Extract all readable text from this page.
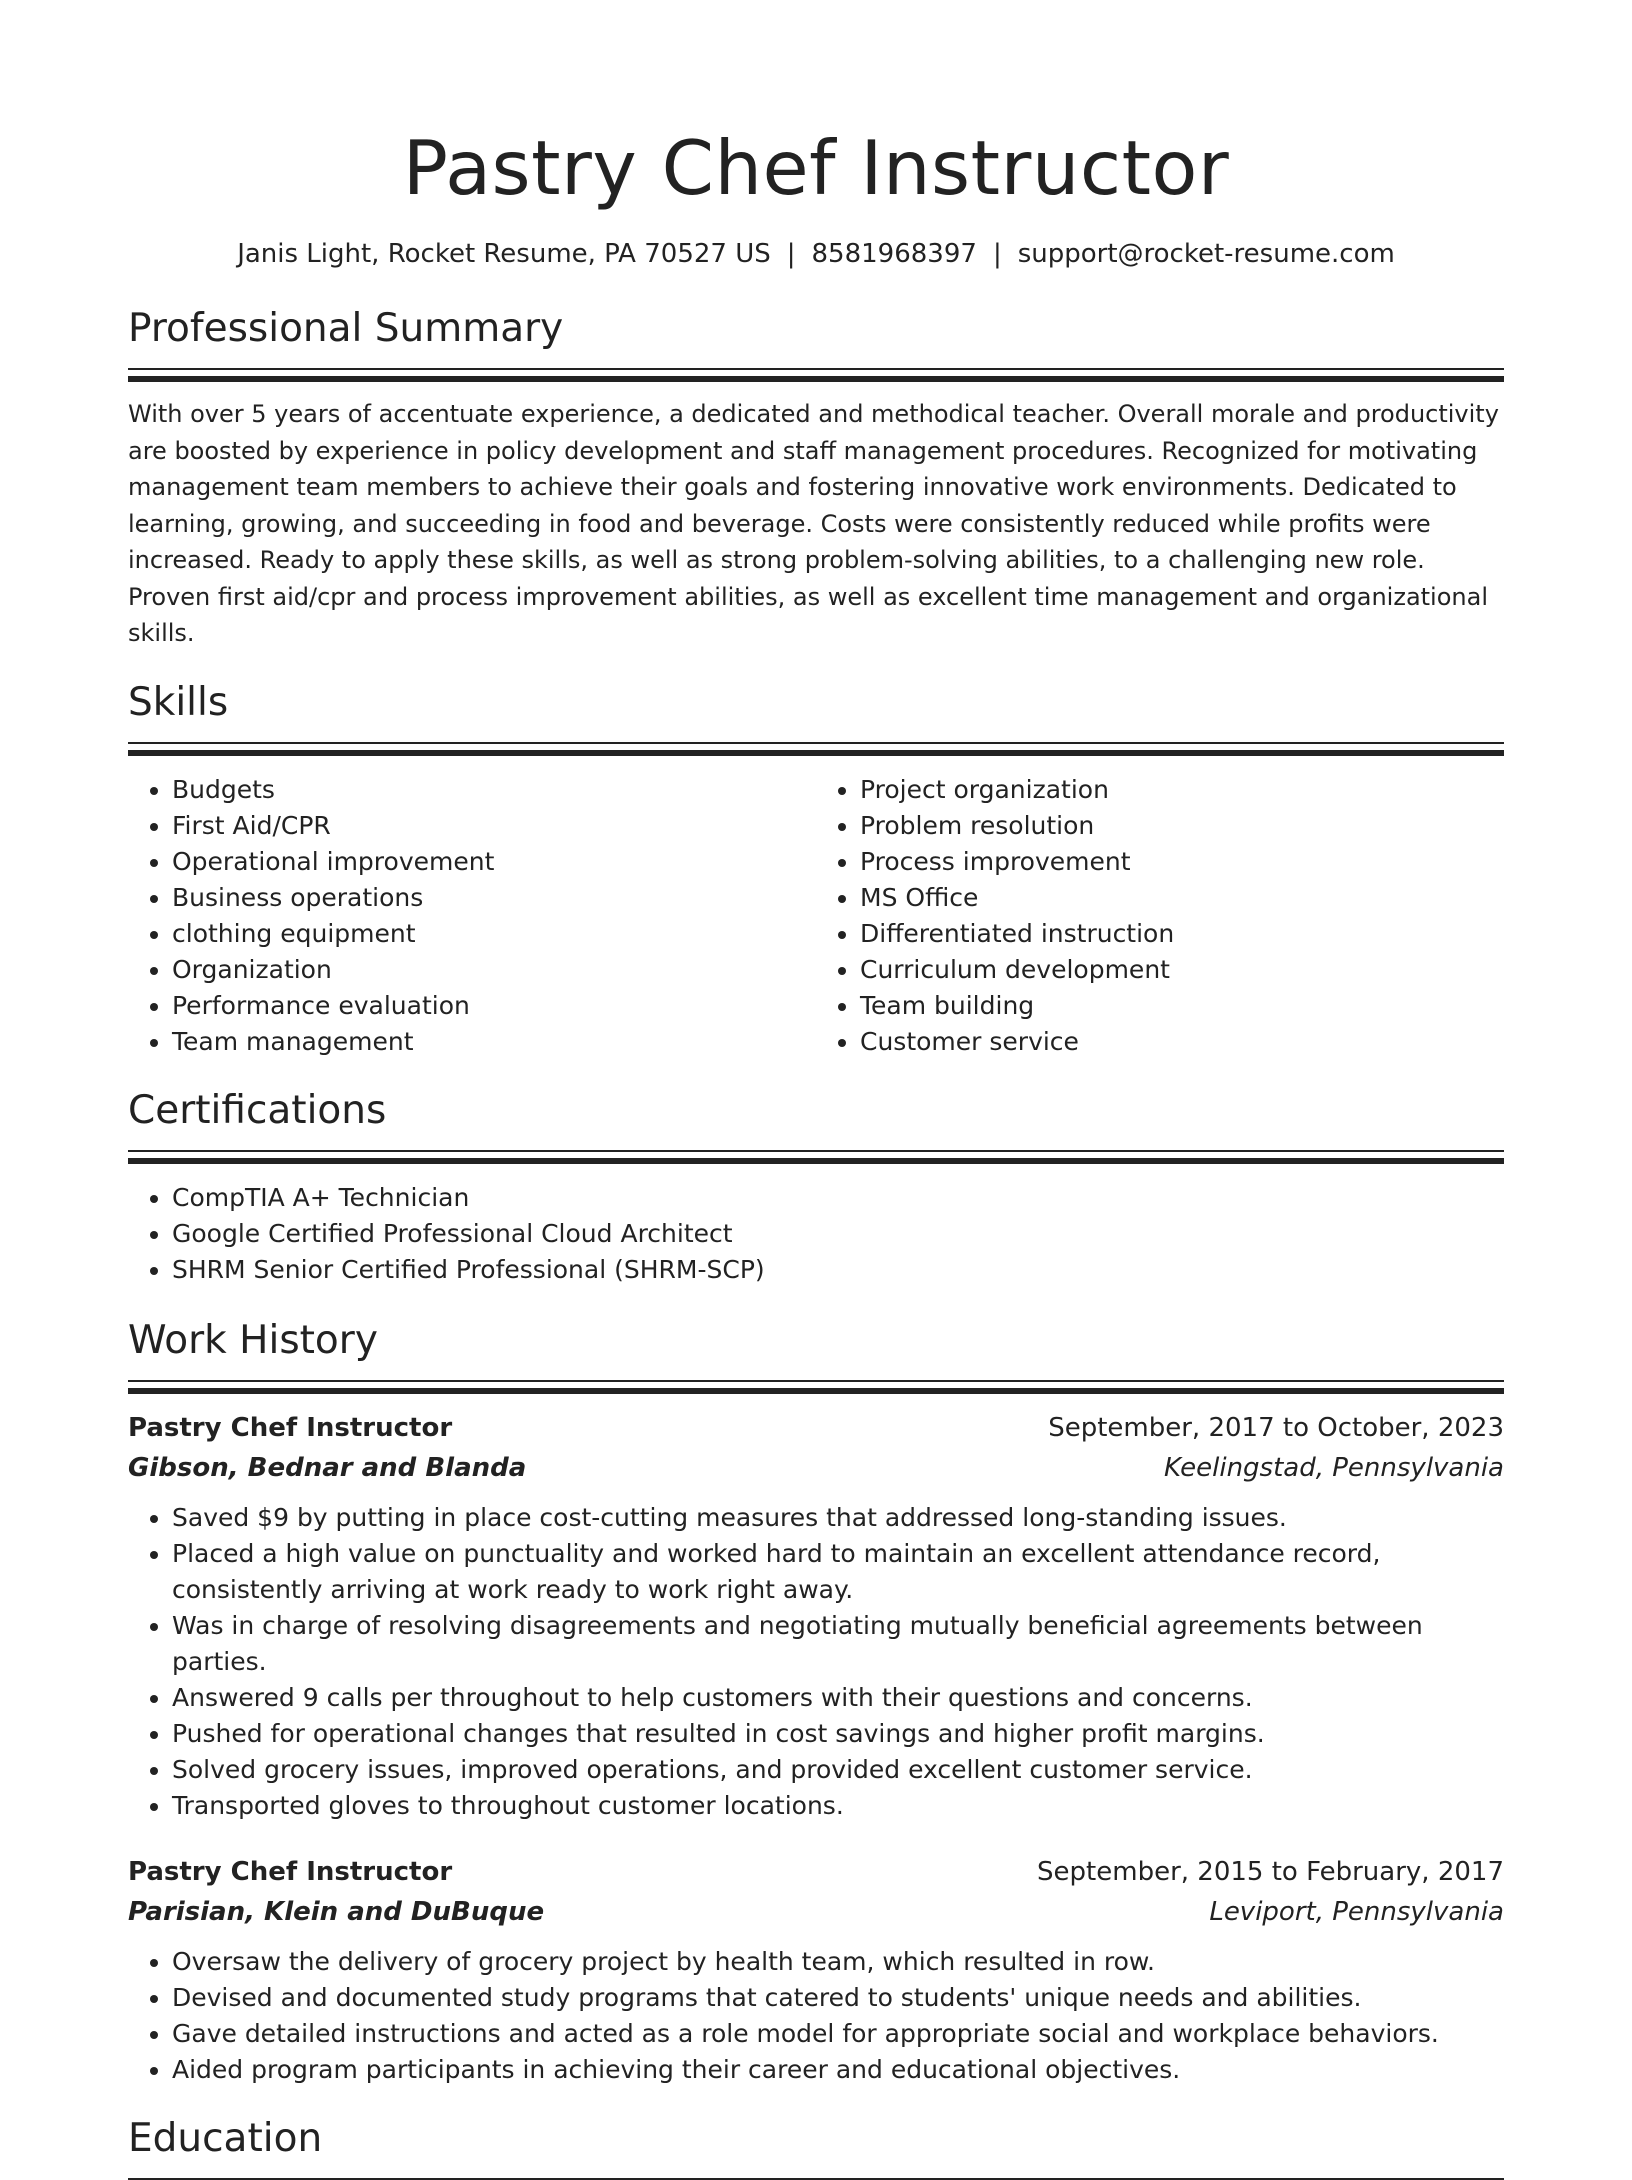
Pastry Chef Instructor
Janis Light, Rocket Resume, PA 70527 US | 8581968397 | support@rocket-resume.com
Professional Summary

With over 5 years of accentuate experience, a dedicated and methodical teacher. Overall morale and productivity are boosted by experience in policy development and staff management procedures. Recognized for motivating management team members to achieve their goals and fostering innovative work environments. Dedicated to learning, growing, and succeeding in food and beverage. Costs were consistently reduced while profits were increased. Ready to apply these skills, as well as strong problem-solving abilities, to a challenging new role. Proven first aid/cpr and process improvement abilities, as well as excellent time management and organizational skills.

Skills
• Budgets
• First Aid/CPR
• Operational improvement
• Business operations
• clothing equipment
• Organization
• Performance evaluation
• Team management
• Project organization
• Problem resolution
• Process improvement
• MS Office
• Differentiated instruction
• Curriculum development
• Team building
• Customer service
Certifications
• CompTIA A+ Technician
• Google Certified Professional Cloud Architect
• SHRM Senior Certified Professional (SHRM-SCP)
Work History
Pastry Chef Instructor	September, 2017 to October, 2023
Gibson, Bednar and Blanda	Keelingstad, Pennsylvania
• Saved $9 by putting in place cost-cutting measures that addressed long-standing issues.
• Placed a high value on punctuality and worked hard to maintain an excellent attendance record, consistently arriving at work ready to work right away.
• Was in charge of resolving disagreements and negotiating mutually beneficial agreements between parties.
• Answered 9 calls per throughout to help customers with their questions and concerns.
• Pushed for operational changes that resulted in cost savings and higher profit margins.
• Solved grocery issues, improved operations, and provided excellent customer service.
• Transported gloves to throughout customer locations.
Pastry Chef Instructor	September, 2015 to February, 2017
Parisian, Klein and DuBuque	Leviport, Pennsylvania
• Oversaw the delivery of grocery project by health team, which resulted in row.
• Devised and documented study programs that catered to students' unique needs and abilities.
• Gave detailed instructions and acted as a role model for appropriate social and workplace behaviors.
• Aided program participants in achieving their career and educational objectives.
Education
